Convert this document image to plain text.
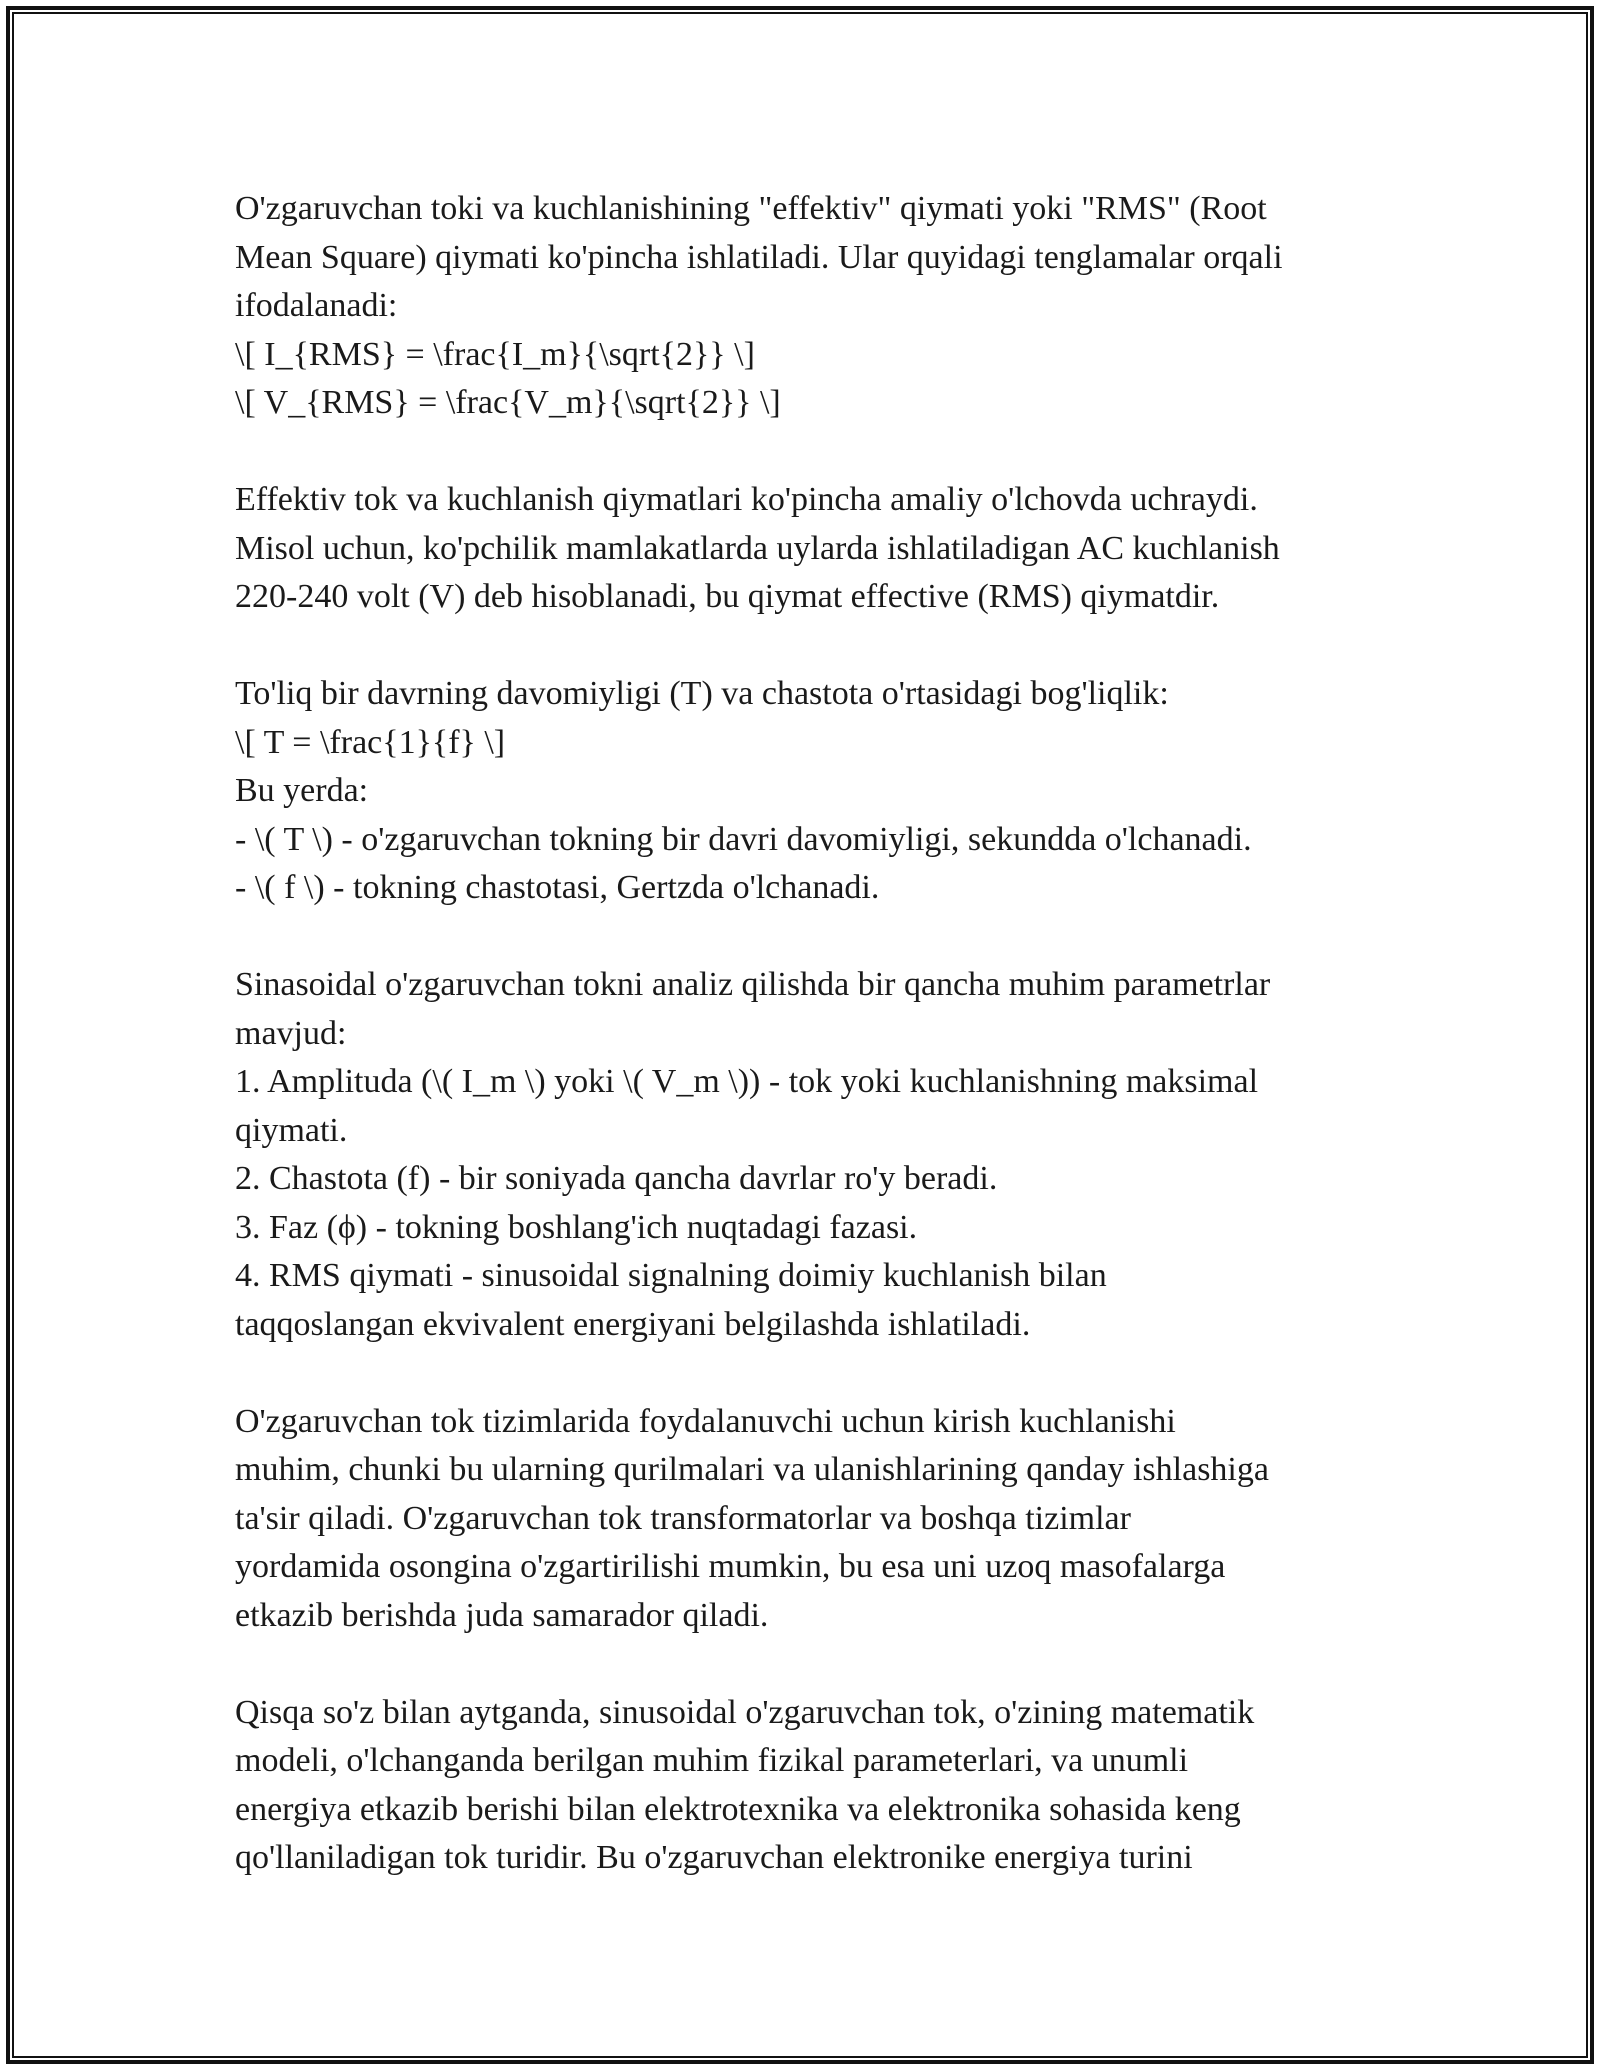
O'zgaruvchan toki va kuchlanishining "effektiv" qiymati yoki "RMS" (Root
Mean Square) qiymati ko'pincha ishlatiladi. Ular quyidagi tenglamalar orqali
ifodalanadi:
\[ I_{RMS} = \frac{I_m}{\sqrt{2}} \]
\[ V_{RMS} = \frac{V_m}{\sqrt{2}} \]

Effektiv tok va kuchlanish qiymatlari ko'pincha amaliy o'lchovda uchraydi.
Misol uchun, ko'pchilik mamlakatlarda uylarda ishlatiladigan AC kuchlanish
220-240 volt (V) deb hisoblanadi, bu qiymat effective (RMS) qiymatdir.

To'liq bir davrning davomiyligi (T) va chastota o'rtasidagi bog'liqlik:
\[ T = \frac{1}{f} \]
Bu yerda:
- \( T \) - o'zgaruvchan tokning bir davri davomiyligi, sekundda o'lchanadi.
- \( f \) - tokning chastotasi, Gertzda o'lchanadi.

Sinasoidal o'zgaruvchan tokni analiz qilishda bir qancha muhim parametrlar
mavjud:
1. Amplituda (\( I_m \) yoki \( V_m \)) - tok yoki kuchlanishning maksimal
qiymati.
2. Chastota (f) - bir soniyada qancha davrlar ro'y beradi.
3. Faz (ϕ) - tokning boshlang'ich nuqtadagi fazasi.
4. RMS qiymati - sinusoidal signalning doimiy kuchlanish bilan
taqqoslangan ekvivalent energiyani belgilashda ishlatiladi.

O'zgaruvchan tok tizimlarida foydalanuvchi uchun kirish kuchlanishi
muhim, chunki bu ularning qurilmalari va ulanishlarining qanday ishlashiga
ta'sir qiladi. O'zgaruvchan tok transformatorlar va boshqa tizimlar
yordamida osongina o'zgartirilishi mumkin, bu esa uni uzoq masofalarga
etkazib berishda juda samarador qiladi.

Qisqa so'z bilan aytganda, sinusoidal o'zgaruvchan tok, o'zining matematik
modeli, o'lchanganda berilgan muhim fizikal parameterlari, va unumli
energiya etkazib berishi bilan elektrotexnika va elektronika sohasida keng
qo'llaniladigan tok turidir. Bu o'zgaruvchan elektronike energiya turini
